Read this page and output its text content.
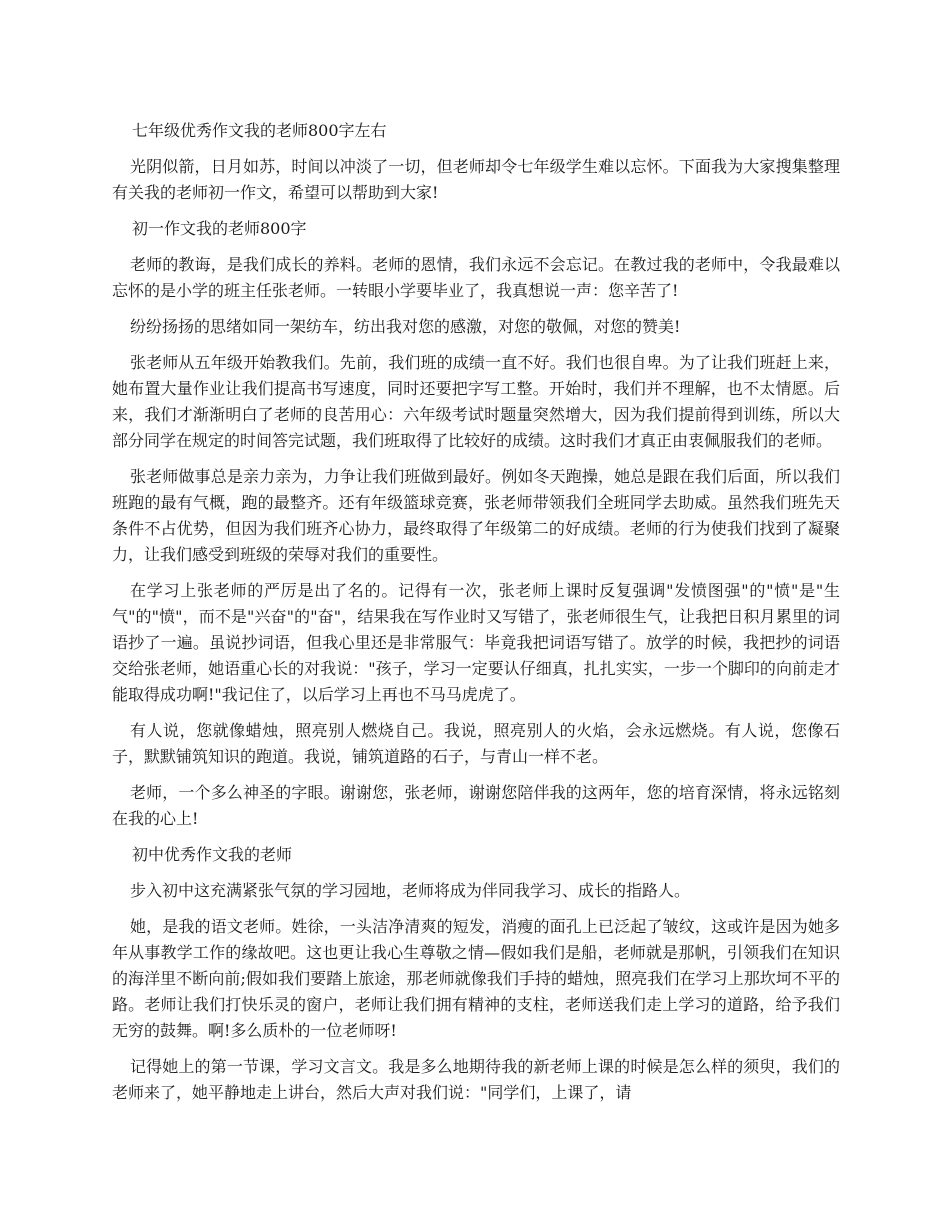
七年级优秀作文我的老师800字左右

光阴似箭，日月如苏，时间以冲淡了一切，但老师却令七年级学生难以忘怀。下面我为大家搜集整理有关我的老师初一作文，希望可以帮助到大家!

初一作文我的老师800字

老师的教诲，是我们成长的养料。老师的恩情，我们永远不会忘记。在教过我的老师中，令我最难以忘怀的是小学的班主任张老师。一转眼小学要毕业了，我真想说一声：您辛苦了!

纷纷扬扬的思绪如同一架纺车，纺出我对您的感激，对您的敬佩，对您的赞美!

张老师从五年级开始教我们。先前，我们班的成绩一直不好。我们也很自卑。为了让我们班赶上来，她布置大量作业让我们提高书写速度，同时还要把字写工整。开始时，我们并不理解，也不太情愿。后来，我们才渐渐明白了老师的良苦用心：六年级考试时题量突然增大，因为我们提前得到训练，所以大部分同学在规定的时间答完试题，我们班取得了比较好的成绩。这时我们才真正由衷佩服我们的老师。

张老师做事总是亲力亲为，力争让我们班做到最好。例如冬天跑操，她总是跟在我们后面，所以我们班跑的最有气概，跑的最整齐。还有年级篮球竞赛，张老师带领我们全班同学去助威。虽然我们班先天条件不占优势，但因为我们班齐心协力，最终取得了年级第二的好成绩。老师的行为使我们找到了凝聚力，让我们感受到班级的荣辱对我们的重要性。

在学习上张老师的严厉是出了名的。记得有一次，张老师上课时反复强调"发愤图强"的"愤"是"生气"的"愤"，而不是"兴奋"的"奋"，结果我在写作业时又写错了，张老师很生气，让我把日积月累里的词语抄了一遍。虽说抄词语，但我心里还是非常服气：毕竟我把词语写错了。放学的时候，我把抄的词语交给张老师，她语重心长的对我说："孩子，学习一定要认仔细真，扎扎实实，一步一个脚印的向前走才能取得成功啊!"我记住了，以后学习上再也不马马虎虎了。

有人说，您就像蜡烛，照亮别人燃烧自己。我说，照亮别人的火焰，会永远燃烧。有人说，您像石子，默默铺筑知识的跑道。我说，铺筑道路的石子，与青山一样不老。

老师，一个多么神圣的字眼。谢谢您，张老师，谢谢您陪伴我的这两年，您的培育深情，将永远铭刻在我的心上!

初中优秀作文我的老师

步入初中这充满紧张气氛的学习园地，老师将成为伴同我学习、成长的指路人。

她，是我的语文老师。姓徐，一头洁净清爽的短发，消瘦的面孔上已泛起了皱纹，这或许是因为她多年从事教学工作的缘故吧。这也更让我心生尊敬之情—假如我们是船，老师就是那帆，引领我们在知识的海洋里不断向前;假如我们要踏上旅途，那老师就像我们手持的蜡烛，照亮我们在学习上那坎坷不平的路。老师让我们打快乐灵的窗户，老师让我们拥有精神的支柱，老师送我们走上学习的道路，给予我们无穷的鼓舞。啊!多么质朴的一位老师呀!

记得她上的第一节课，学习文言文。我是多么地期待我的新老师上课的时候是怎么样的须臾，我们的老师来了，她平静地走上讲台，然后大声对我们说："同学们，上课了，请
